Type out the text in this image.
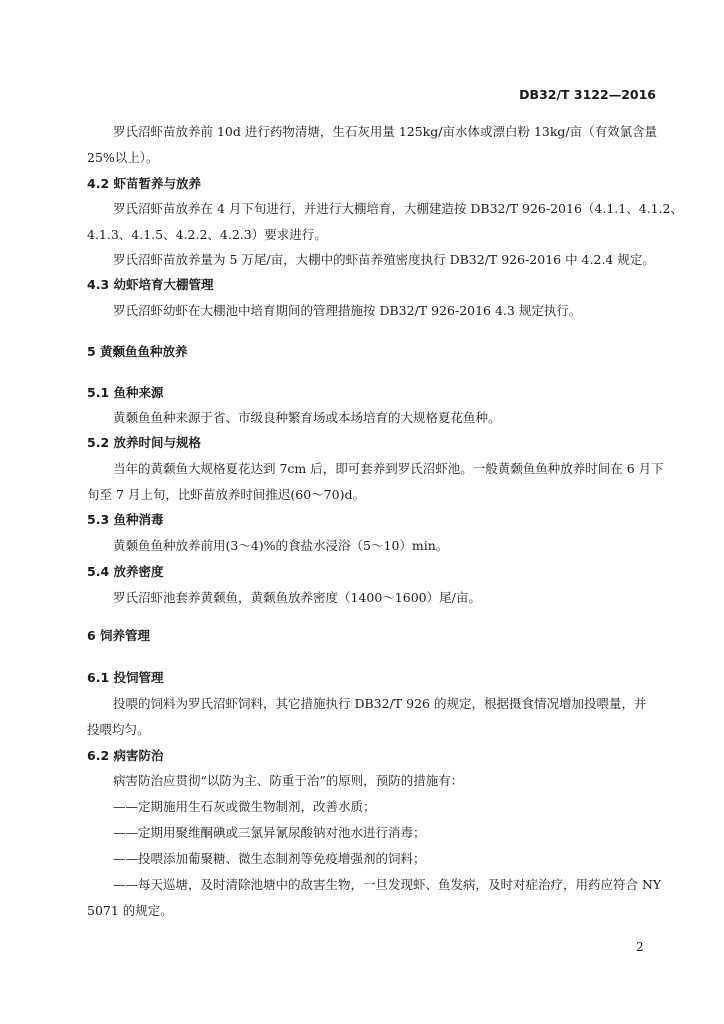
DB32/T 3122—2016
罗氏沼虾苗放养前 10d 进行药物清塘，生石灰用量 125kg/亩水体或漂白粉 13kg/亩（有效氯含量
25%以上）。
4.2 虾苗暂养与放养
罗氏沼虾苗放养在 4 月下旬进行，并进行大棚培育，大棚建造按 DB32/T 926-2016（4.1.1、4.1.2、
4.1.3、4.1.5、4.2.2、4.2.3）要求进行。
罗氏沼虾苗放养量为 5 万尾/亩，大棚中的虾苗养殖密度执行 DB32/T 926-2016 中 4.2.4 规定。
4.3 幼虾培育大棚管理
罗氏沼虾幼虾在大棚池中培育期间的管理措施按 DB32/T 926-2016 4.3 规定执行。
5 黄颡鱼鱼种放养
5.1 鱼种来源
黄颡鱼鱼种来源于省、市级良种繁育场或本场培育的大规格夏花鱼种。
5.2 放养时间与规格
当年的黄颡鱼大规格夏花达到 7cm 后，即可套养到罗氏沼虾池。一般黄颡鱼鱼种放养时间在 6 月下
旬至 7 月上旬，比虾苗放养时间推迟(60～70)d。
5.3 鱼种消毒
黄颡鱼鱼种放养前用(3～4)%的食盐水浸浴（5～10）min。
5.4 放养密度
罗氏沼虾池套养黄颡鱼，黄颡鱼放养密度（1400～1600）尾/亩。
6 饲养管理
6.1 投饲管理
投喂的饲料为罗氏沼虾饲料，其它措施执行 DB32/T 926 的规定，根据摄食情况增加投喂量，并
投喂均匀。
6.2 病害防治
病害防治应贯彻“以防为主、防重于治”的原则，预防的措施有：
——定期施用生石灰或微生物制剂，改善水质；
——定期用聚维酮碘或三氯异氰尿酸钠对池水进行消毒；
——投喂添加葡聚糖、微生态制剂等免疫增强剂的饲料；
——每天巡塘，及时清除池塘中的敌害生物，一旦发现虾、鱼发病，及时对症治疗，用药应符合 NY
5071 的规定。
2
